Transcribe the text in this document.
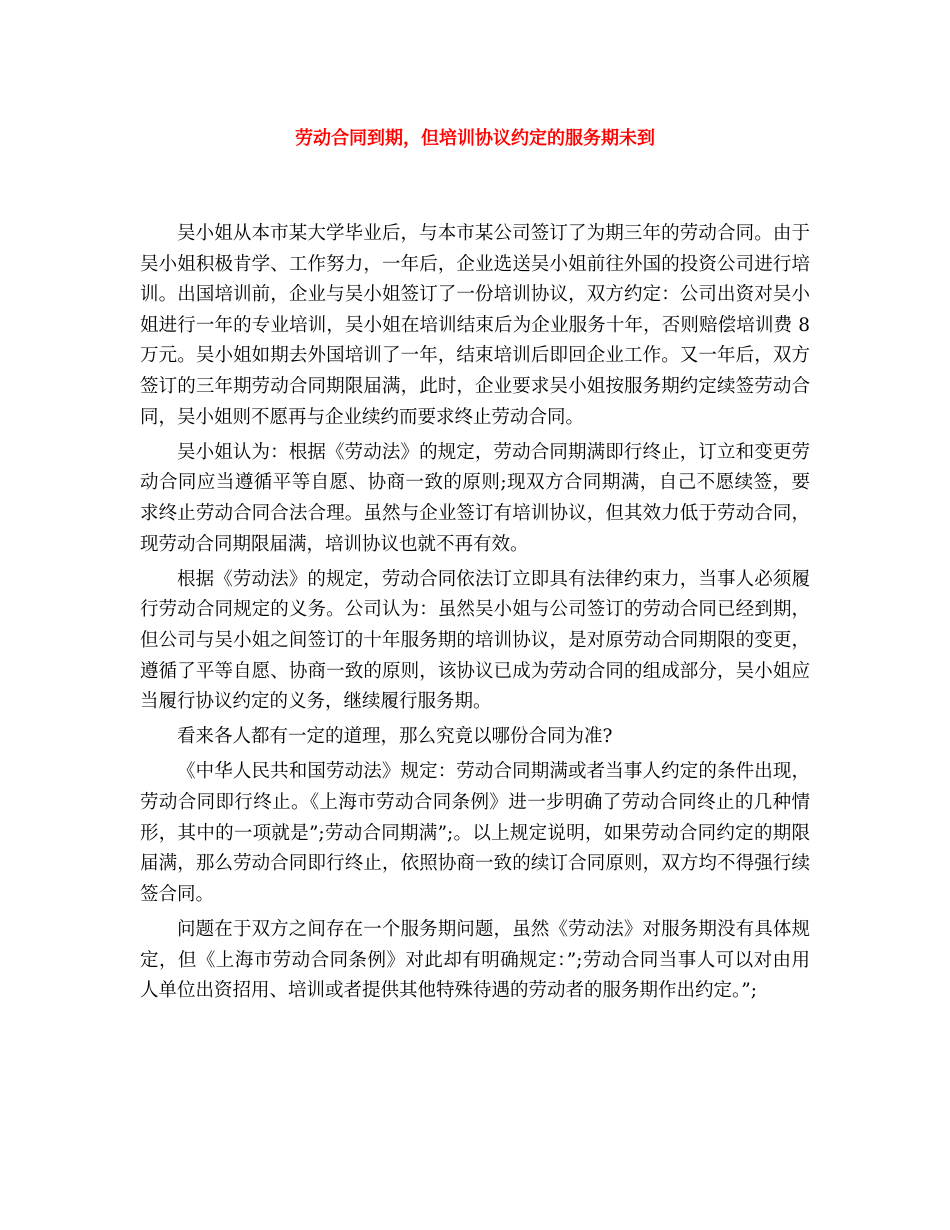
劳动合同到期，但培训协议约定的服务期未到

吴小姐从本市某大学毕业后，与本市某公司签订了为期三年的劳动合同。由于吴小姐积极肯学、工作努力，一年后，企业选送吴小姐前往外国的投资公司进行培训。出国培训前，企业与吴小姐签订了一份培训协议，双方约定：公司出资对吴小姐进行一年的专业培训，吴小姐在培训结束后为企业服务十年，否则赔偿培训费 8 万元。吴小姐如期去外国培训了一年，结束培训后即回企业工作。又一年后，双方签订的三年期劳动合同期限届满，此时，企业要求吴小姐按服务期约定续签劳动合同，吴小姐则不愿再与企业续约而要求终止劳动合同。

吴小姐认为：根据《劳动法》的规定，劳动合同期满即行终止，订立和变更劳动合同应当遵循平等自愿、协商一致的原则;现双方合同期满，自己不愿续签，要求终止劳动合同合法合理。虽然与企业签订有培训协议，但其效力低于劳动合同，现劳动合同期限届满，培训协议也就不再有效。

根据《劳动法》的规定，劳动合同依法订立即具有法律约束力，当事人必须履行劳动合同规定的义务。公司认为：虽然吴小姐与公司签订的劳动合同已经到期，但公司与吴小姐之间签订的十年服务期的培训协议，是对原劳动合同期限的变更，遵循了平等自愿、协商一致的原则，该协议已成为劳动合同的组成部分，吴小姐应当履行协议约定的义务，继续履行服务期。

看来各人都有一定的道理，那么究竟以哪份合同为准?

《中华人民共和国劳动法》规定：劳动合同期满或者当事人约定的条件出现，劳动合同即行终止。《上海市劳动合同条例》进一步明确了劳动合同终止的几种情形，其中的一项就是”;劳动合同期满”;。以上规定说明，如果劳动合同约定的期限届满，那么劳动合同即行终止，依照协商一致的续订合同原则，双方均不得强行续签合同。

问题在于双方之间存在一个服务期问题，虽然《劳动法》对服务期没有具体规定，但《上海市劳动合同条例》对此却有明确规定：”;劳动合同当事人可以对由用人单位出资招用、培训或者提供其他特殊待遇的劳动者的服务期作出约定。”;
